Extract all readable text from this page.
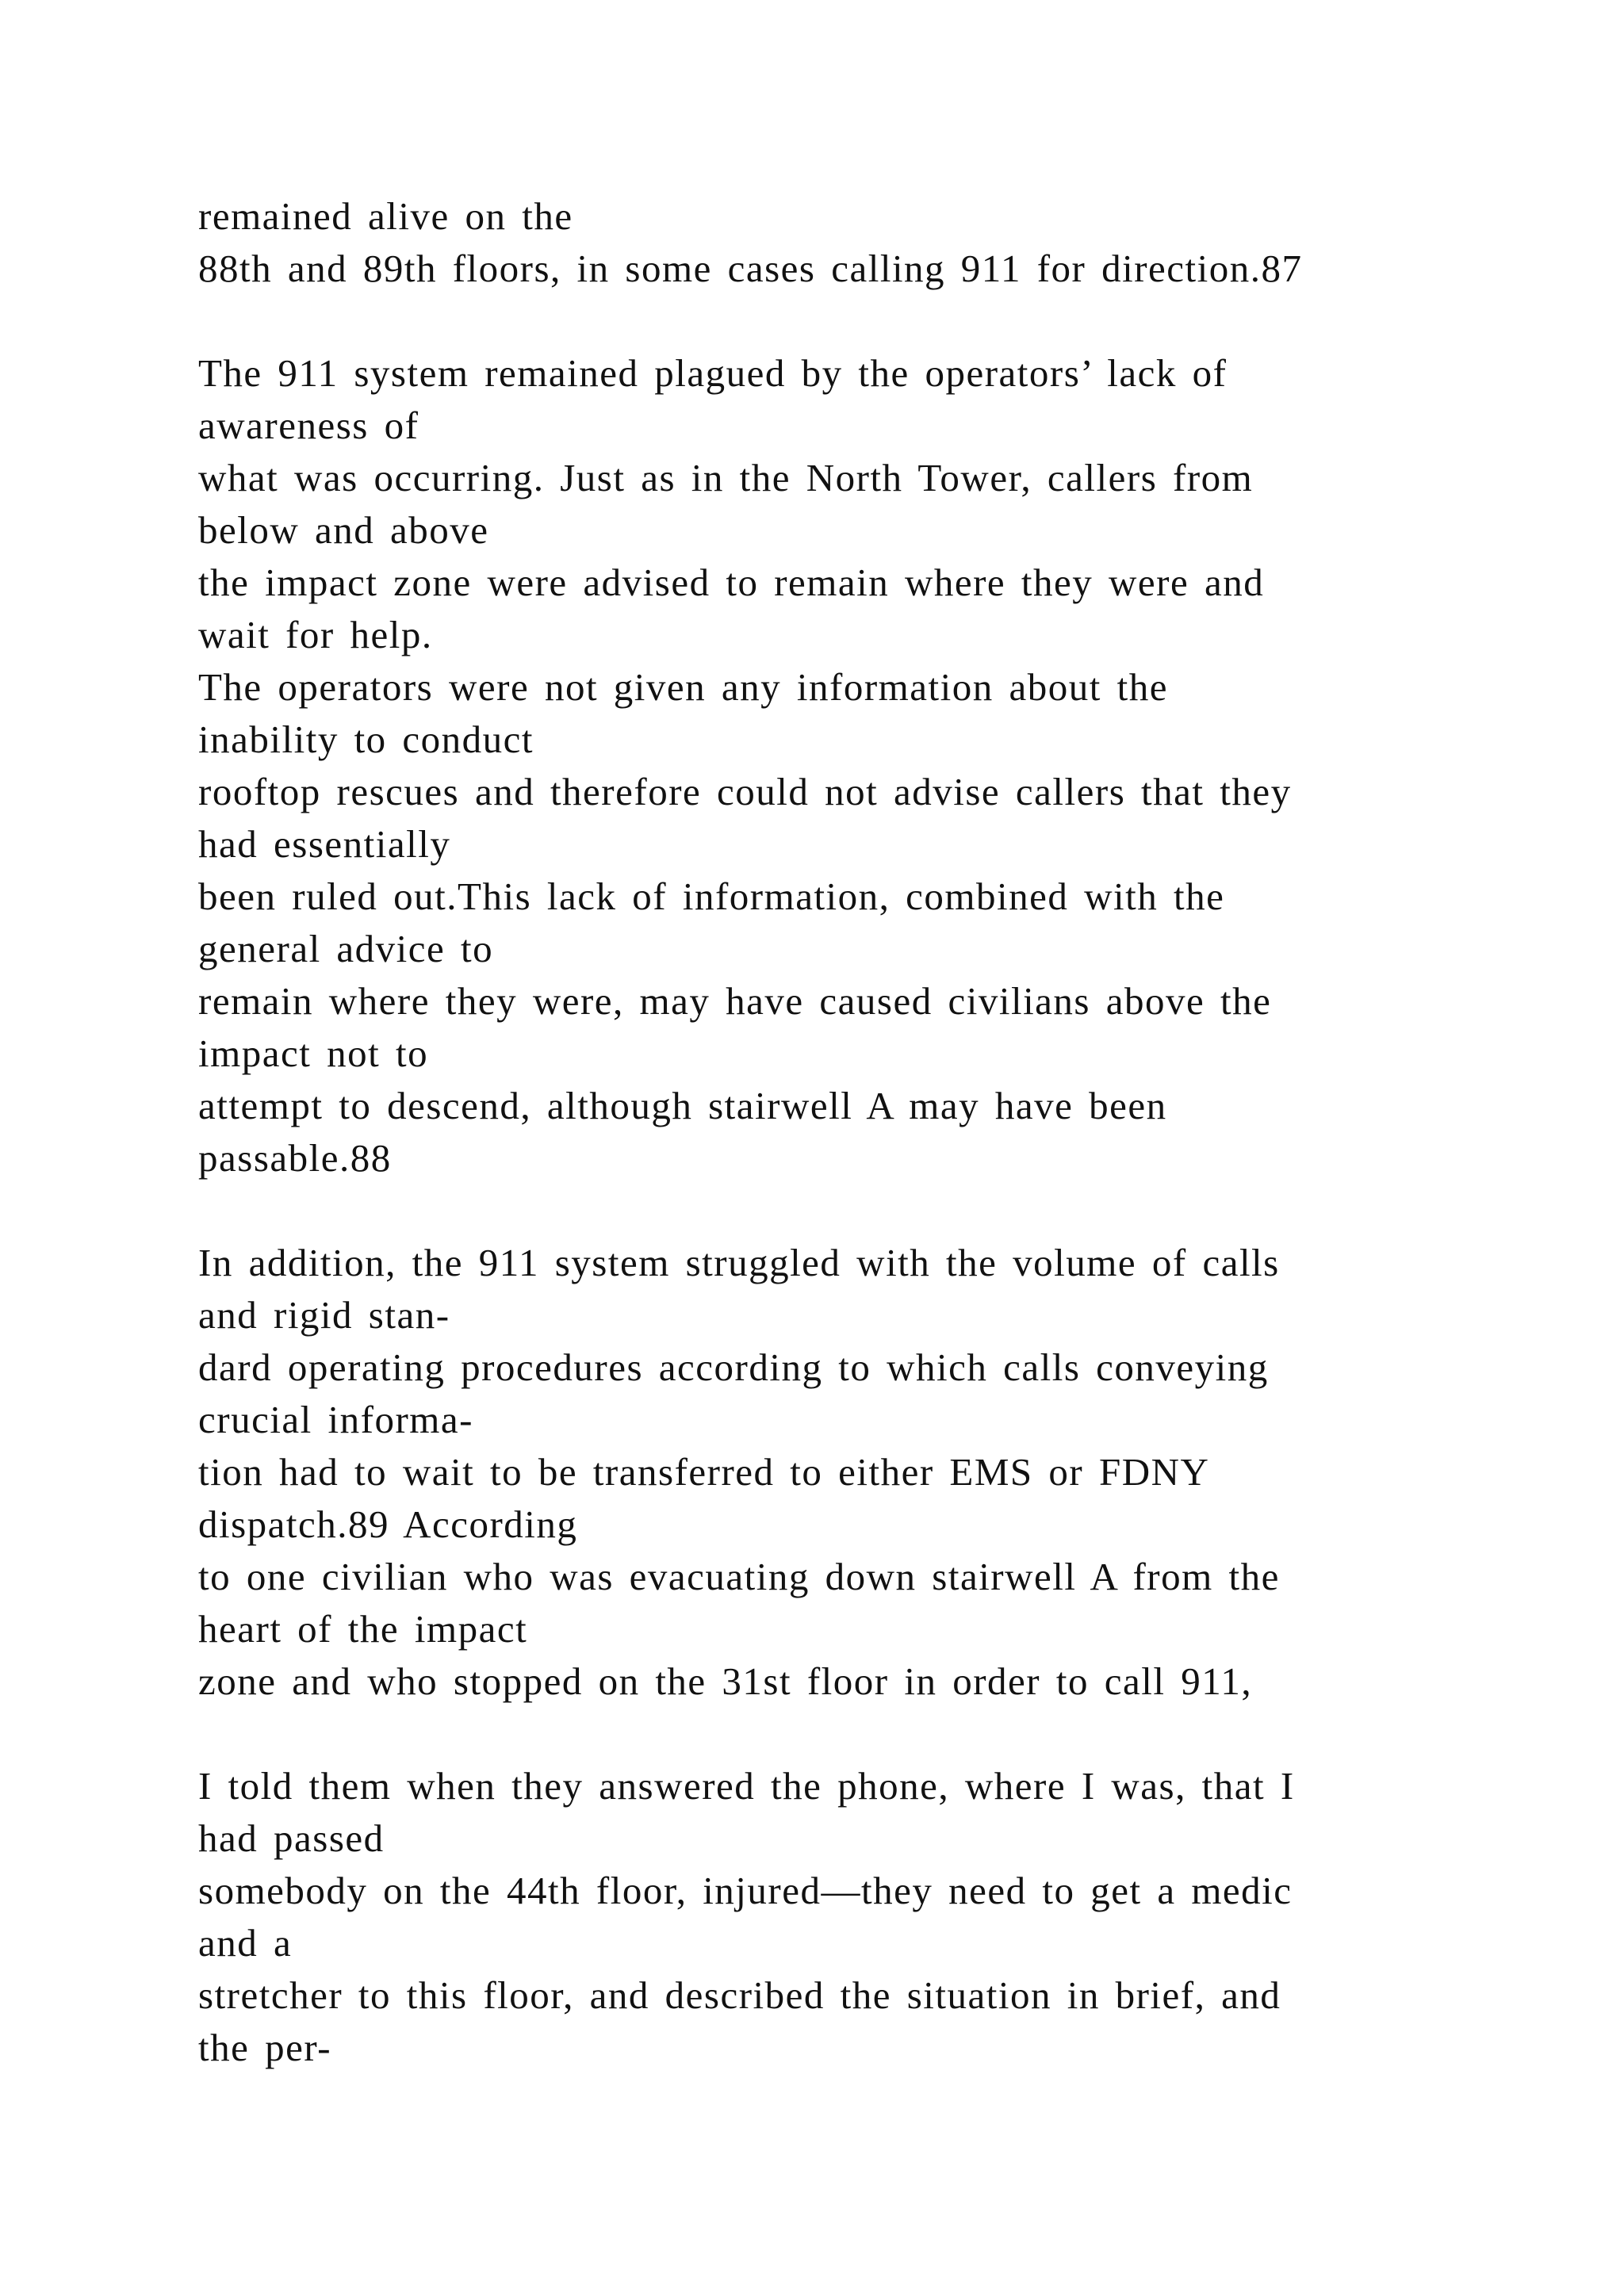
remained alive on the
88th and 89th floors, in some cases calling 911 for direction.87
The 911 system remained plagued by the operators’ lack of
awareness of
what was occurring. Just as in the North Tower, callers from
below and above
the impact zone were advised to remain where they were and
wait for help.
The operators were not given any information about the
inability to conduct
rooftop rescues and therefore could not advise callers that they
had essentially
been ruled out.This lack of information, combined with the
general advice to
remain where they were, may have caused civilians above the
impact not to
attempt to descend, although stairwell A may have been
passable.88
In addition, the 911 system struggled with the volume of calls
and rigid stan-
dard operating procedures according to which calls conveying
crucial informa-
tion had to wait to be transferred to either EMS or FDNY
dispatch.89 According
to one civilian who was evacuating down stairwell A from the
heart of the impact
zone and who stopped on the 31st floor in order to call 911,
I told them when they answered the phone, where I was, that I
had passed
somebody on the 44th floor, injured—they need to get a medic
and a
stretcher to this floor, and described the situation in brief, and
the per-
